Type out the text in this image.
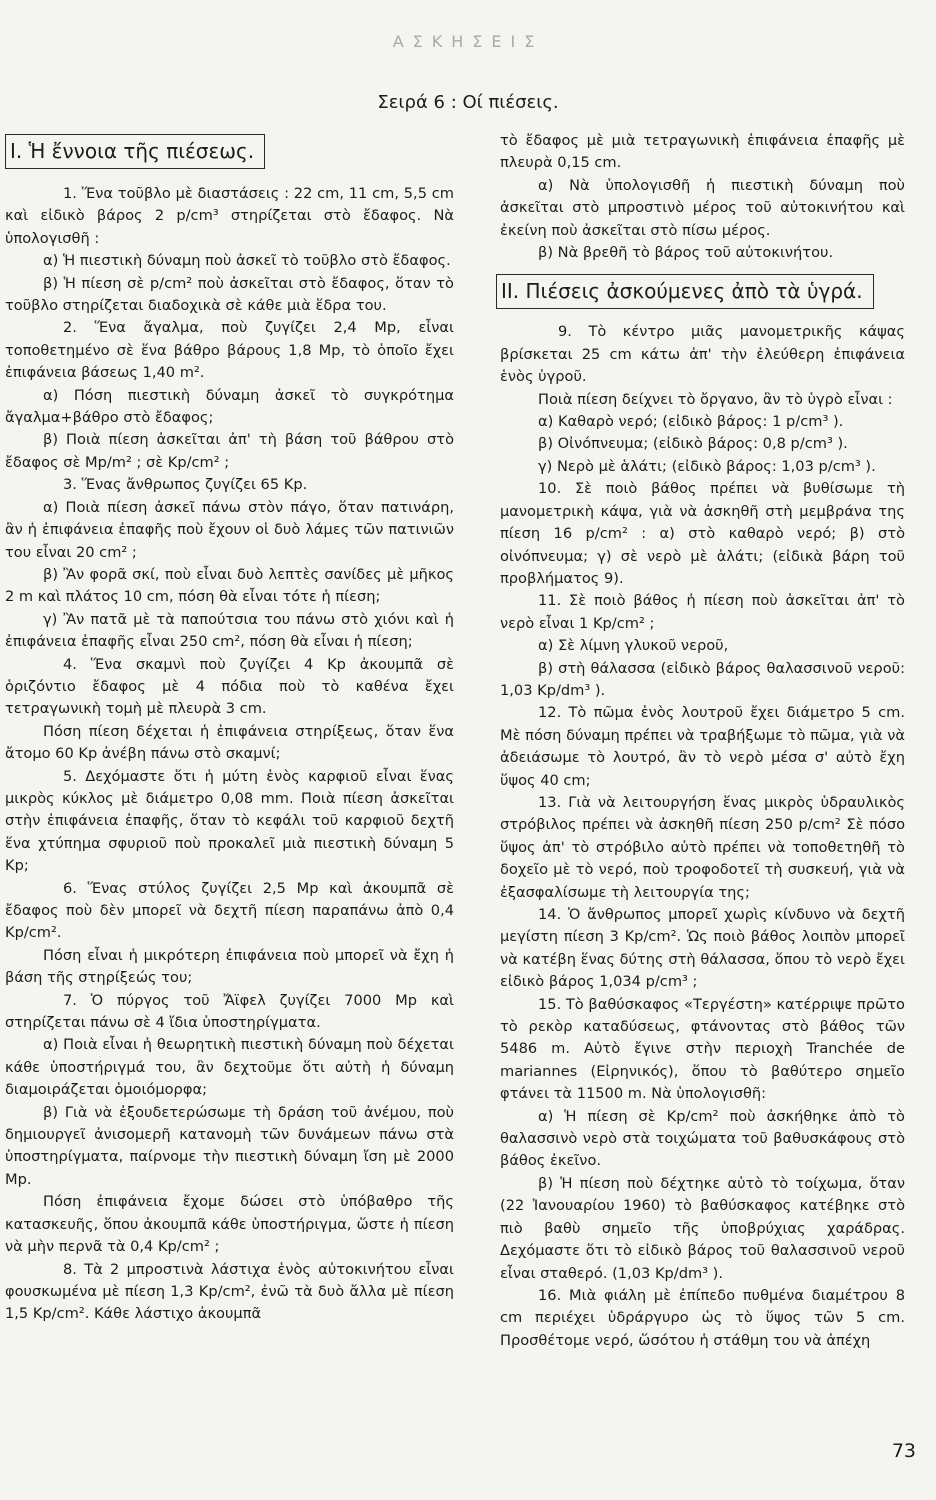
ΑΣΚΗΣΕΙΣ
Σειρά 6 : Οί πιέσεις.
Ι. Ἡ ἔννοια τῆς πιέσεως.

1. Ἕνα τοῦβλο μὲ διαστάσεις : 22 cm, 11 cm, 5,5 cm καὶ εἰδικὸ βάρος 2 p/cm³ στηρίζεται στὸ ἔδαφος. Νὰ ὑπολογισθῆ :

α) Ἡ πιεστικὴ δύναμη ποὺ ἀσκεῖ τὸ τοῦβλο στὸ ἔδαφος.

β) Ἡ πίεση σὲ p/cm² ποὺ ἀσκεῖται στὸ ἔδαφος, ὅταν τὸ τοῦβλο στηρίζεται διαδοχικὰ σὲ κάθε μιὰ ἕδρα του.

2. Ἕνα ἄγαλμα, ποὺ ζυγίζει 2,4 Mp, εἶναι τοποθετημένο σὲ ἕνα βάθρο βάρους 1,8 Mp, τὸ ὁποῖο ἔχει ἐπιφάνεια βάσεως 1,40 m².

α) Πόση πιεστικὴ δύναμη ἀσκεῖ τὸ συγκρότημα ἄγαλμα+βάθρο στὸ ἔδαφος;

β) Ποιὰ πίεση ἀσκεῖται ἀπ' τὴ βάση τοῦ βάθρου στὸ ἔδαφος σὲ Mp/m² ; σὲ Kp/cm² ;

3. Ἕνας ἄνθρωπος ζυγίζει 65 Kp.

α) Ποιὰ πίεση ἀσκεῖ πάνω στὸν πάγο, ὅταν πατινάρη, ἂν ἡ ἐπιφάνεια ἐπαφῆς ποὺ ἔχουν οἱ δυὸ λάμες τῶν πατινιῶν του εἶναι 20 cm² ;

β) Ἂν φορᾶ σκί, ποὺ εἶναι δυὸ λεπτὲς σανίδες μὲ μῆκος 2 m καὶ πλάτος 10 cm, πόση θὰ εἶναι τότε ἡ πίεση;

γ) Ἂν πατᾶ μὲ τὰ παπούτσια του πάνω στὸ χιόνι καὶ ἡ ἐπιφάνεια ἐπαφῆς εἶναι 250 cm², πόση θὰ εἶναι ἡ πίεση;

4. Ἕνα σκαμνὶ ποὺ ζυγίζει 4 Kp ἀκουμπᾶ σὲ ὁριζόντιο ἔδαφος μὲ 4 πόδια ποὺ τὸ καθένα ἔχει τετραγωνικὴ τομὴ μὲ πλευρὰ 3 cm.

Πόση πίεση δέχεται ἡ ἐπιφάνεια στηρίξεως, ὅταν ἕνα ἄτομο 60 Kp ἀνέβη πάνω στὸ σκαμνί;

5. Δεχόμαστε ὅτι ἡ μύτη ἑνὸς καρφιοῦ εἶναι ἕνας μικρὸς κύκλος μὲ διάμετρο 0,08 mm. Ποιὰ πίεση ἀσκεῖται στὴν ἐπιφάνεια ἐπαφῆς, ὅταν τὸ κεφάλι τοῦ καρφιοῦ δεχτῆ ἕνα χτύπημα σφυριοῦ ποὺ προκαλεῖ μιὰ πιεστικὴ δύναμη 5 Kp;

6. Ἕνας στύλος ζυγίζει 2,5 Mp καὶ ἀκουμπᾶ σὲ ἔδαφος ποὺ δὲν μπορεῖ νὰ δεχτῆ πίεση παραπάνω ἀπὸ 0,4 Kp/cm².

Πόση εἶναι ἡ μικρότερη ἐπιφάνεια ποὺ μπορεῖ νὰ ἔχη ἡ βάση τῆς στηρίξεώς του;

7. Ὁ πύργος τοῦ Ἄϊφελ ζυγίζει 7000 Mp καὶ στηρίζεται πάνω σὲ 4 ἴδια ὑποστηρίγματα.

α) Ποιὰ εἶναι ἡ θεωρητικὴ πιεστικὴ δύναμη ποὺ δέχεται κάθε ὑποστήριγμά του, ἂν δεχτοῦμε ὅτι αὐτὴ ἡ δύναμη διαμοιράζεται ὁμοιόμορφα;

β) Γιὰ νὰ ἐξουδετερώσωμε τὴ δράση τοῦ ἀνέμου, ποὺ δημιουργεῖ ἀνισομερῆ κατανομὴ τῶν δυνάμεων πάνω στὰ ὑποστηρίγματα, παίρνομε τὴν πιεστικὴ δύναμη ἴση μὲ 2000 Mp.

Πόση ἐπιφάνεια ἔχομε δώσει στὸ ὑπόβαθρο τῆς κατασκευῆς, ὅπου ἀκουμπᾶ κάθε ὑποστήριγμα, ὥστε ἡ πίεση νὰ μὴν περνᾶ τὰ 0,4 Kp/cm² ;

8. Τὰ 2 μπροστινὰ λάστιχα ἑνὸς αὐτοκινήτου εἶναι φουσκωμένα μὲ πίεση 1,3 Kp/cm², ἐνῶ τὰ δυὸ ἄλλα μὲ πίεση 1,5 Kp/cm². Κάθε λάστιχο ἀκουμπᾶ

τὸ ἔδαφος μὲ μιὰ τετραγωνικὴ ἐπιφάνεια ἐπαφῆς μὲ πλευρὰ 0,15 cm.

α) Νὰ ὑπολογισθῆ ἡ πιεστικὴ δύναμη ποὺ ἀσκεῖται στὸ μπροστινὸ μέρος τοῦ αὐτοκινήτου καὶ ἐκείνη ποὺ ἀσκεῖται στὸ πίσω μέρος.

β) Νὰ βρεθῆ τὸ βάρος τοῦ αὐτοκινήτου.

ΙΙ. Πιέσεις ἀσκούμενες ἀπὸ τὰ ὑγρά.

9. Τὸ κέντρο μιᾶς μανομετρικῆς κάψας βρίσκεται 25 cm κάτω ἀπ' τὴν ἐλεύθερη ἐπιφάνεια ἑνὸς ὑγροῦ.

Ποιὰ πίεση δείχνει τὸ ὄργανο, ἂν τὸ ὑγρὸ εἶναι :

α) Καθαρὸ νερό; (εἰδικὸ βάρος: 1 p/cm³ ).

β) Οἰνόπνευμα; (εἰδικὸ βάρος: 0,8 p/cm³ ).

γ) Νερὸ μὲ ἁλάτι; (εἰδικὸ βάρος: 1,03 p/cm³ ).

10. Σὲ ποιὸ βάθος πρέπει νὰ βυθίσωμε τὴ μανομετρικὴ κάψα, γιὰ νὰ ἀσκηθῆ στὴ μεμβράνα της πίεση 16 p/cm² : α) στὸ καθαρὸ νερό; β) στὸ οἰνόπνευμα; γ) σὲ νερὸ μὲ ἁλάτι; (εἰδικὰ βάρη τοῦ προβλήματος 9).

11. Σὲ ποιὸ βάθος ἡ πίεση ποὺ ἀσκεῖται ἀπ' τὸ νερὸ εἶναι 1 Kp/cm² ;

α) Σὲ λίμνη γλυκοῦ νεροῦ,

β) στὴ θάλασσα (εἰδικὸ βάρος θαλασσινοῦ νεροῦ: 1,03 Kp/dm³ ).

12. Τὸ πῶμα ἑνὸς λουτροῦ ἔχει διάμετρο 5 cm. Μὲ πόση δύναμη πρέπει νὰ τραβήξωμε τὸ πῶμα, γιὰ νὰ ἀδειάσωμε τὸ λουτρό, ἂν τὸ νερὸ μέσα σ' αὐτὸ ἔχη ὕψος 40 cm;

13. Γιὰ νὰ λειτουργήση ἕνας μικρὸς ὑδραυλικὸς στρόβιλος πρέπει νὰ ἀσκηθῆ πίεση 250 p/cm² Σὲ πόσο ὕψος ἀπ' τὸ στρόβιλο αὐτὸ πρέπει νὰ τοποθετηθῆ τὸ δοχεῖο μὲ τὸ νερό, ποὺ τροφοδοτεῖ τὴ συσκευή, γιὰ νὰ ἐξασφαλίσωμε τὴ λειτουργία της;

14. Ὁ ἄνθρωπος μπορεῖ χωρὶς κίνδυνο νὰ δεχτῆ μεγίστη πίεση 3 Kp/cm². Ὡς ποιὸ βάθος λοιπὸν μπορεῖ νὰ κατέβη ἕνας δύτης στὴ θάλασσα, ὅπου τὸ νερὸ ἔχει εἰδικὸ βάρος 1,034 p/cm³ ;

15. Τὸ βαθύσκαφος «Τεργέστη» κατέρριψε πρῶτο τὸ ρεκὸρ καταδύσεως, φτάνοντας στὸ βάθος τῶν 5486 m. Αὐτὸ ἔγινε στὴν περιοχὴ Tranchée de mariannes (Εἰρηνικός), ὅπου τὸ βαθύτερο σημεῖο φτάνει τὰ 11500 m. Νὰ ὑπολογισθῆ:

α) Ἡ πίεση σὲ Kp/cm² ποὺ ἀσκήθηκε ἀπὸ τὸ θαλασσινὸ νερὸ στὰ τοιχώματα τοῦ βαθυσκάφους στὸ βάθος ἐκεῖνο.

β) Ἡ πίεση ποὺ δέχτηκε αὐτὸ τὸ τοίχωμα, ὅταν (22 Ἰανουαρίου 1960) τὸ βαθύσκαφος κατέβηκε στὸ πιὸ βαθὺ σημεῖο τῆς ὑποβρύχιας χαράδρας. Δεχόμαστε ὅτι τὸ εἰδικὸ βάρος τοῦ θαλασσινοῦ νεροῦ εἶναι σταθερό. (1,03 Kp/dm³ ).

16. Μιὰ φιάλη μὲ ἐπίπεδο πυθμένα διαμέτρου 8 cm περιέχει ὑδράργυρο ὡς τὸ ὕψος τῶν 5 cm. Προσθέτομε νερό, ὥσότου ἡ στάθμη του νὰ ἀπέχη

73
